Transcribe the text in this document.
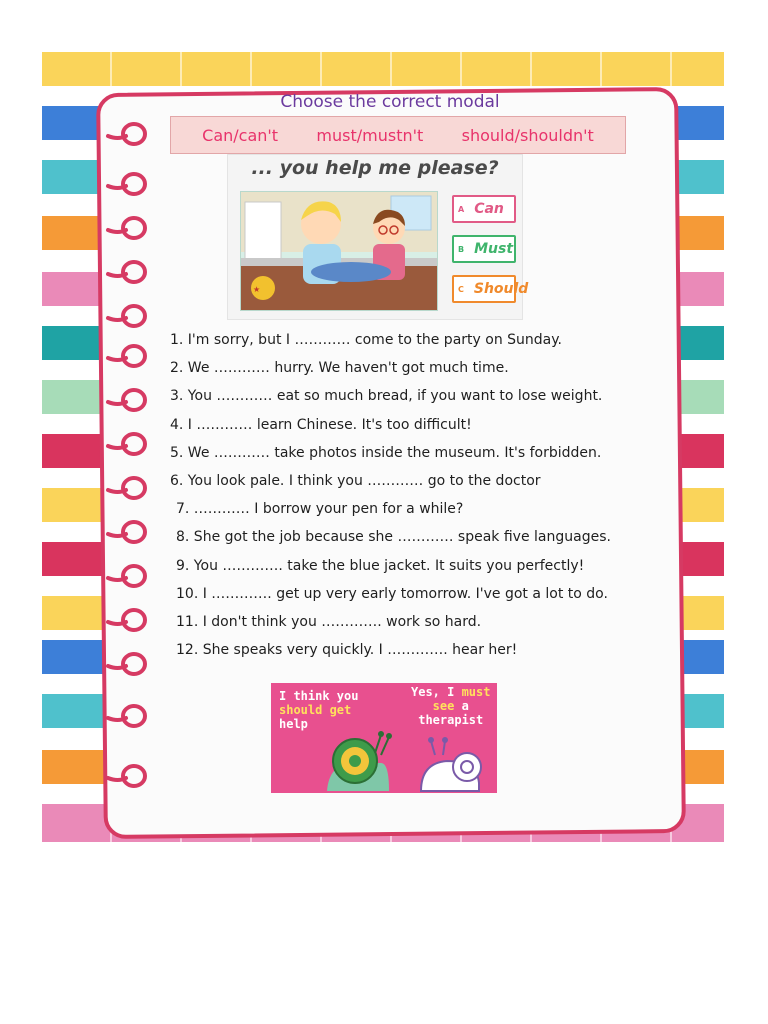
Choose the correct modal
Can/can't must/mustn't should/shouldn't
... you help me please?
★
A Can
B Must
C Should
1. I'm sorry, but I ………… come to the party on Sunday.
2. We ………… hurry. We haven't got much time.
3. You ………… eat so much bread, if you want to lose weight.
4. I ………… learn Chinese. It's too difficult!
5. We ………… take photos inside the museum. It's forbidden.
6. You look pale. I think you ………… go to the doctor
7. ………… I borrow your pen for a while?
8. She got the job because she ………… speak five languages.
9. You …………. take the blue jacket. It suits you perfectly!
10. I …………. get up very early tomorrow. I've got a lot to do.
11. I don't think you …………. work so hard.
12. She speaks very quickly. I …………. hear her!
I think you
should get
help
Yes, I must
see a
therapist
